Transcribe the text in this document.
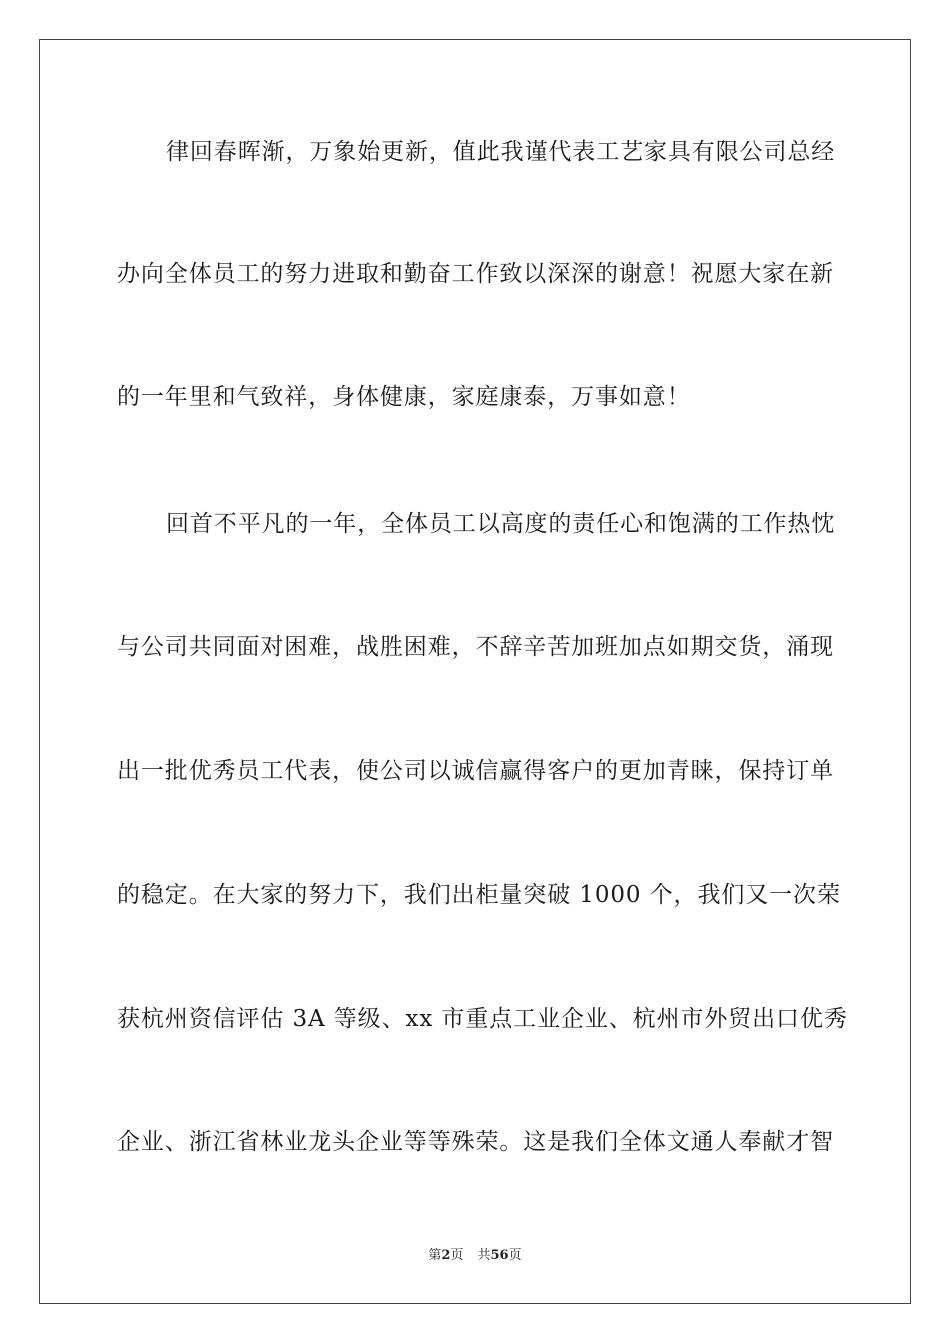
律回春晖渐，万象始更新，值此我谨代表工艺家具有限公司总经
办向全体员工的努力进取和勤奋工作致以深深的谢意！祝愿大家在新
的一年里和气致祥，身体健康，家庭康泰，万事如意！
回首不平凡的一年，全体员工以高度的责任心和饱满的工作热忱
与公司共同面对困难，战胜困难，不辞辛苦加班加点如期交货，涌现
出一批优秀员工代表，使公司以诚信赢得客户的更加青睐，保持订单
的稳定。在大家的努力下，我们出柜量突破 1000 个，我们又一次荣
获杭州资信评估 3A 等级、xx 市重点工业企业、杭州市外贸出口优秀
企业、浙江省林业龙头企业等等殊荣。这是我们全体文通人奉献才智
第2页 共56页
